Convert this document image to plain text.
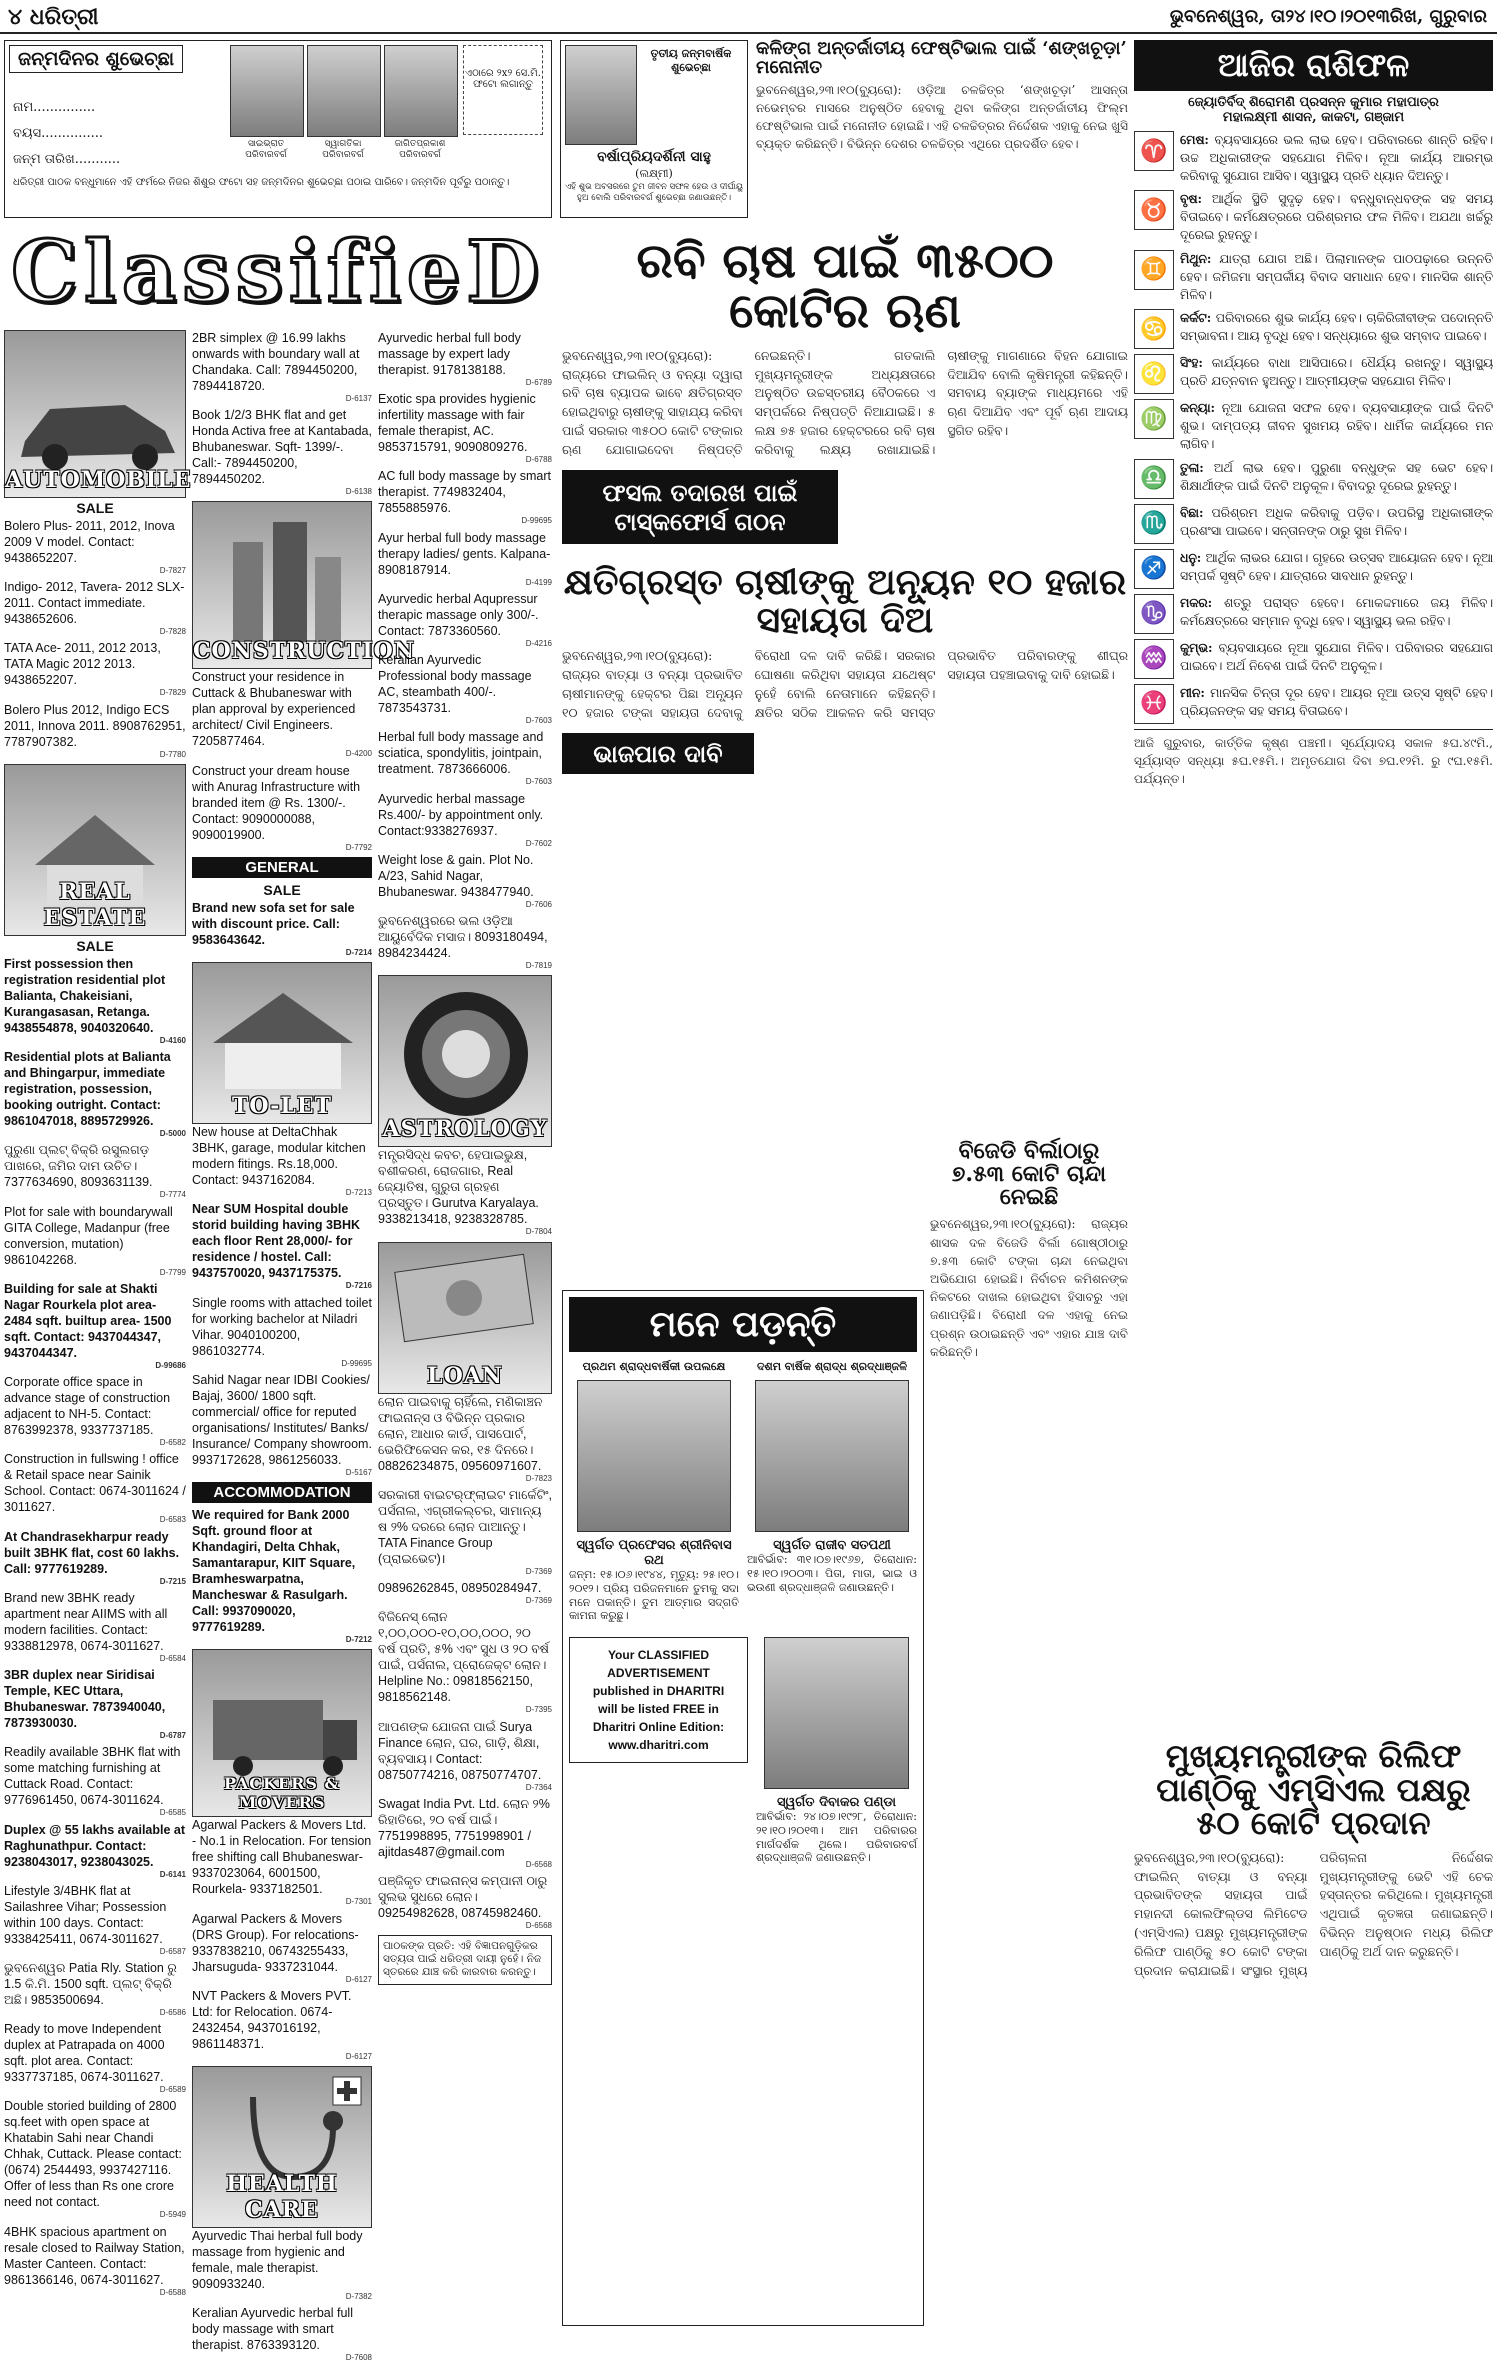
୪ ଧରିତ୍ରୀ	ଭୁବନେଶ୍ୱର, ତା୨୪।୧୦।୨୦୧୩ରିଖ, ଗୁରୁବାର
ଜନ୍ମଦିନର ଶୁଭେଚ୍ଛା
ନାମ...............
ବୟସ...............
ଜନ୍ମ ତାରିଖ...........
ସାଇଭ୍ରାତ ପରିବାରବର୍ଗ
ସ୍ୱାଗତିକା ପରିବାରବର୍ଗ
ଜାଗିତପ୍ରକାଶ ପରିବାରବର୍ଗ
ଏଠାରେ ୨x୨ ସେ.ମି. ଫଟୋ ଲଗାନ୍ତୁ
ଧରିତ୍ରୀ ପାଠକ ବନ୍ଧୁମାନେ ଏହି ଫର୍ମରେ ନିଜର ଶିଶୁର ଫଟୋ ସହ ଜନ୍ମଦିନର ଶୁଭେଚ୍ଛା ପଠାଇ ପାରିବେ। ଜନ୍ମଦିନ ପୂର୍ବରୁ ପଠାନ୍ତୁ।
ତୃତୀୟ ଜନ୍ମବାର୍ଷିକ ଶୁଭେଚ୍ଛା
ବର୍ଷାପ୍ରିୟଦର୍ଶିନୀ ସାହୁ
(ଲକ୍ଷ୍ମୀ)
ଏହି ଶୁଭ ଅବସରରେ ତୁମ ଜୀବନ ସଫଳ ହେଉ ଓ ଦୀର୍ଘାୟୁ ହୁଅ ବୋଲି ପରିବାରବର୍ଗ ଶୁଭେଚ୍ଛା ଜଣାଉଛନ୍ତି।
କଳିଙ୍ଗ ଅନ୍ତର୍ଜାତୀୟ ଫେଷ୍ଟିଭାଲ ପାଇଁ ‘ଶଙ୍ଖଚୂଡ଼ା’ ମନୋନୀତ
ଭୁବନେଶ୍ୱର,୨୩।୧୦(ବ୍ୟୁରୋ): ଓଡ଼ିଆ ଚଳଚ୍ଚିତ୍ର ‘ଶଙ୍ଖଚୂଡ଼ା’ ଆସନ୍ତା ନଭେମ୍ବର ମାସରେ ଅନୁଷ୍ଠିତ ହେବାକୁ ଥିବା କଳିଙ୍ଗ ଅନ୍ତର୍ଜାତୀୟ ଫିଲ୍ମ ଫେଷ୍ଟିଭାଲ ପାଇଁ ମନୋନୀତ ହୋଇଛି। ଏହି ଚଳଚ୍ଚିତ୍ରର ନିର୍ଦ୍ଦେଶକ ଏହାକୁ ନେଇ ଖୁସି ବ୍ୟକ୍ତ କରିଛନ୍ତି। ବିଭିନ୍ନ ଦେଶର ଚଳଚ୍ଚିତ୍ର ଏଥିରେ ପ୍ରଦର୍ଶିତ ହେବ।
ClassifieD
AUTOMOBILE
SALE
Bolero Plus- 2011, 2012, Inova 2009 V model. Contact: 9438652207.
D-7827
Indigo- 2012, Tavera- 2012 SLX- 2011. Contact immediate. 9438652606.
D-7828
TATA Ace- 2011, 2012 2013, TATA Magic 2012 2013. 9438652207.
D-7829
Bolero Plus 2012, Indigo ECS 2011, Innova 2011. 8908762951, 7787907382.
D-7780
REAL ESTATE
SALE
First possession then registration residential plot Balianta, Chakeisiani, Kurangasasan, Retanga. 9438554878, 9040320640.
D-4160
Residential plots at Balianta and Bhingarpur, immediate registration, possession, booking outright. Contact: 9861047018, 8895729926.
D-5000
ପୁରୁଣା ପ୍ଲଟ୍ ବିକ୍ରି ରସୁଲଗଡ଼ ପାଖରେ, ଜମିର ଦାମ ଉଚିତ। 7377634690, 8093631139.
D-7774
Plot for sale with boundarywall GITA College, Madanpur (free conversion, mutation) 9861042268.
D-7799
Building for sale at Shakti Nagar Rourkela plot area- 2484 sqft. builtup area- 1500 sqft. Contact: 9437044347, 9437044347.
D-99686
Corporate office space in advance stage of construction adjacent to NH-5. Contact: 8763992378, 9337737185.
D-6582
Construction in fullswing ! office & Retail space near Sainik School. Contact: 0674-3011624 / 3011627.
D-6583
At Chandrasekharpur ready built 3BHK flat, cost 60 lakhs. Call: 9777619289.
D-7215
Brand new 3BHK ready apartment near AIIMS with all modern facilities. Contact: 9338812978, 0674-3011627.
D-6584
3BR duplex near Siridisai Temple, KEC Uttara, Bhubaneswar. 7873940040, 7873930030.
D-6787
Readily available 3BHK flat with some matching furnishing at Cuttack Road. Contact: 9776961450, 0674-3011624.
D-6585
Duplex @ 55 lakhs available at Raghunathpur. Contact: 9238043017, 9238043025.
D-6141
Lifestyle 3/4BHK flat at Sailashree Vihar; Possession within 100 days. Contact: 9338425411, 0674-3011627.
D-6587
ଭୁବନେଶ୍ୱର Patia Rly. Station ରୁ 1.5 କି.ମି. 1500 sqft. ପ୍ଲଟ୍ ବିକ୍ରି ଅଛି। 9853500694.
D-6586
Ready to move Independent duplex at Patrapada on 4000 sqft. plot area. Contact: 9337737185, 0674-3011627.
D-6589
Double storied building of 2800 sq.feet with open space at Khatabin Sahi near Chandi Chhak, Cuttack. Please contact: (0674) 2544493, 9937427116. Offer of less than Rs one crore need not contact.
D-5949
4BHK spacious apartment on resale closed to Railway Station, Master Canteen. Contact: 9861366146, 0674-3011627.
D-6588
2BR simplex @ 16.99 lakhs onwards with boundary wall at Chandaka. Call: 7894450200, 7894418720.
D-6137
Book 1/2/3 BHK flat and get Honda Activa free at Kantabada, Bhubaneswar. Sqft- 1399/-. Call:- 7894450200, 7894450202.
D-6138
CONSTRUCTION
Construct your residence in Cuttack & Bhubaneswar with plan approval by experienced architect/ Civil Engineers. 7205877464.
D-4200
Construct your dream house with Anurag Infrastructure with branded item @ Rs. 1300/-. Contact: 9090000088, 9090019900.
D-7792
GENERAL
SALE
Brand new sofa set for sale with discount price. Call: 9583643642.
D-7214
TO-LET
New house at DeltaChhak 3BHK, garage, modular kitchen modern fitings. Rs.18,000. Contact: 9437162084.
D-7213
Near SUM Hospital double storid building having 3BHK each floor Rent 28,000/- for residence / hostel. Call: 9437570020, 9437175375.
D-7216
Single rooms with attached toilet for working bachelor at Niladri Vihar. 9040100200, 9861032774.
D-99695
Sahid Nagar near IDBI Cookies/ Bajaj, 3600/ 1800 sqft. commercial/ office for reputed organisations/ Institutes/ Banks/ Insurance/ Company showroom. 9937172628, 9861256033.
D-5167
ACCOMMODATION
We required for Bank 2000 Sqft. ground floor at Khandagiri, Delta Chhak, Samantarapur, KIIT Square, Bramheswarpatna, Mancheswar & Rasulgarh. Call: 9937090020, 9777619289.
D-7212
PACKERS & MOVERS
Agarwal Packers & Movers Ltd. - No.1 in Relocation. For tension free shifting call Bhubaneswar- 9337023064, 6001500, Rourkela- 9337182501.
D-7301
Agarwal Packers & Movers (DRS Group). For relocations- 9337838210, 06743255433, Jharsuguda- 9337231044.
D-6127
NVT Packers & Movers PVT. Ltd: for Relocation. 0674-2432454, 9437016192, 9861148371.
D-6127
HEALTH CARE
Ayurvedic Thai herbal full body massage from hygienic and female, male therapist. 9090933240.
D-7382
Keralian Ayurvedic herbal full body massage with smart therapist. 8763393120.
D-7608
Ayurvedic herbal full body massage by expert lady therapist. 9178138188.
D-6789
Exotic spa provides hygienic infertility massage with fair female therapist, AC. 9853715791, 9090809276.
D-6788
AC full body massage by smart therapist. 7749832404, 7855885976.
D-99695
Ayur herbal full body massage therapy ladies/ gents. Kalpana- 8908187914.
D-4199
Ayurvedic herbal Aqupressur therapic massage only 300/-. Contact: 7873360560.
D-4216
Keralian Ayurvedic Professional body massage AC, steambath 400/-. 7873543731.
D-7603
Herbal full body massage and sciatica, spondylitis, jointpain, treatment. 7873666006.
D-7603
Ayurvedic herbal massage Rs.400/- by appointment only. Contact:9338276937.
D-7602
Weight lose & gain. Plot No. A/23, Sahid Nagar, Bhubaneswar. 9438477940.
D-7606
ଭୁବନେଶ୍ୱରରେ ଭଲ ଓଡ଼ିଆ ଆୟୁର୍ବେଦିକ ମସାଜ। 8093180494, 8984234424.
D-7819
ASTROLOGY
ମନ୍ତ୍ରସିଦ୍ଧ କବଚ, ହେପାଇଭୁକ୍ଷ, ବଶୀକରଣ, ରୋଜଗାର, Real ଜ୍ୟୋତିଷ, ଗୁରୁତା ଗ୍ରହଣ ପ୍ରସ୍ତୁତ। Gurutva Karyalaya. 9338213418, 9238328785.
D-7804
LOAN
ଲୋନ ପାଇବାକୁ ଚାହିଁଲେ, ମଣିକାଞ୍ଚନ ଫାଇନାନ୍ସ ଓ ବିଭିନ୍ନ ପ୍ରକାର ଲୋନ, ଆଧାର କାର୍ଡ, ପାସପୋର୍ଟ, ଭେରିଫିକେସନ କର, ୧୫ ଦିନରେ। 08826234875, 09560971607.
D-7823
ସରକାରୀ ବାଇଟର୍‌ଫ୍ଲାଇଟ ମାର୍କେଟିଂ, ପର୍ସନାଲ, ଏଗ୍ରୀକଲ୍ଚର, ସାମାନ୍ୟ ଷ ୨% ଦରରେ ଲୋନ ପାଆନ୍ତୁ। TATA Finance Group (ପ୍ରାଇଭେଟ)।
D-7369
09896262845, 08950284947.
D-7369
ବିଜିନେସ୍ ଲୋନ ୧,୦୦,୦୦୦-୧୦,୦୦,୦୦୦, ୨୦ ବର୍ଷ ପ୍ରତି, ୫% ଏବଂ ସୁଧ ଓ ୨୦ ବର୍ଷ ପାଇଁ, ପର୍ସନାଲ, ପ୍ରୋଜେକ୍ଟ ଲୋନ। Helpline No.: 09818562150, 9818562148.
D-7395
ଆପଣଙ୍କ ଯୋଜନା ପାଇଁ Surya Finance ଲୋନ, ଘର, ଗାଡ଼ି, ଶିକ୍ଷା, ବ୍ୟବସାୟ। Contact: 08750774216, 08750774707.
D-7364
Swagat India Pvt. Ltd. ଲୋନ ୨% ରିହାତିରେ, ୨୦ ବର୍ଷ ପାଇଁ। 7751998895, 7751998901 / ajitdas487@gmail.com
D-6568
ପଞ୍ଜିକୃତ ଫାଇନାନ୍ସ କମ୍ପାନୀ ଠାରୁ ସୁଲଭ ସୁଧରେ ଲୋନ। 09254982628, 08745982460.
D-6568
ପାଠକଙ୍କ ପ୍ରତି: ଏହି ବିଜ୍ଞାପନଗୁଡ଼ିକର ସତ୍ୟତା ପାଇଁ ଧରିତ୍ରୀ ଦାୟୀ ନୁହେଁ। ନିଜ ସ୍ତରରେ ଯାଞ୍ଚ କରି କାରବାର କରନ୍ତୁ।
ରବି ଚାଷ ପାଇଁ ୩୫୦୦ କୋଟିର ଋଣ
ଭୁବନେଶ୍ୱର,୨୩।୧୦(ବ୍ୟୁରୋ): ରାଜ୍ୟରେ ଫାଇଲିନ୍ ଓ ବନ୍ୟା ଦ୍ୱାରା ରବି ଚାଷ ବ୍ୟାପକ ଭାବେ କ୍ଷତିଗ୍ରସ୍ତ ହୋଇଥିବାରୁ ଚାଷୀଙ୍କୁ ସାହାଯ୍ୟ କରିବା ପାଇଁ ସରକାର ୩୫୦୦ କୋଟି ଟଙ୍କାର ଋଣ ଯୋଗାଇଦେବା ନିଷ୍ପତ୍ତି ନେଇଛନ୍ତି। ଗତକାଲି ମୁଖ୍ୟମନ୍ତ୍ରୀଙ୍କ ଅଧ୍ୟକ୍ଷତାରେ ଅନୁଷ୍ଠିତ ଉଚ୍ଚସ୍ତରୀୟ ବୈଠକରେ ଏ ସମ୍ପର୍କରେ ନିଷ୍ପତ୍ତି ନିଆଯାଇଛି। ୫ ଲକ୍ଷ ୭୫ ହଜାର ହେକ୍ଟରରେ ରବି ଚାଷ କରିବାକୁ ଲକ୍ଷ୍ୟ ରଖାଯାଇଛି। ଚାଷୀଙ୍କୁ ମାଗଣାରେ ବିହନ ଯୋଗାଇ ଦିଆଯିବ ବୋଲି କୃଷିମନ୍ତ୍ରୀ କହିଛନ୍ତି। ସମବାୟ ବ୍ୟାଙ୍କ ମାଧ୍ୟମରେ ଏହି ଋଣ ଦିଆଯିବ ଏବଂ ପୂର୍ବ ଋଣ ଆଦାୟ ସ୍ଥଗିତ ରହିବ।
ଫସଲ ତଦାରଖ ପାଇଁ ଟାସ୍କଫୋର୍ସ ଗଠନ
କ୍ଷତିଗ୍ରସ୍ତ ଚାଷୀଙ୍କୁ ଅନ୍ୟୂନ ୧୦ ହଜାର ସହାୟତା ଦିଅ
ଭୁବନେଶ୍ୱର,୨୩।୧୦(ବ୍ୟୁରୋ): ରାଜ୍ୟର ବାତ୍ୟା ଓ ବନ୍ୟା ପ୍ରଭାବିତ ଚାଷୀମାନଙ୍କୁ ହେକ୍ଟର ପିଛା ଅନ୍ୟୂନ ୧୦ ହଜାର ଟଙ୍କା ସହାୟତା ଦେବାକୁ ବିରୋଧୀ ଦଳ ଦାବି କରିଛି। ସରକାର ଘୋଷଣା କରିଥିବା ସହାୟତା ଯଥେଷ୍ଟ ନୁହେଁ ବୋଲି ନେତାମାନେ କହିଛନ୍ତି। କ୍ଷତିର ସଠିକ ଆକଳନ କରି ସମସ୍ତ ପ୍ରଭାବିତ ପରିବାରଙ୍କୁ ଶୀଘ୍ର ସହାୟତା ପହଞ୍ଚାଇବାକୁ ଦାବି ହୋଇଛି।
ଭାଜପାର ଦାବି
ବିଜେଡି ବିର୍ଲାଠାରୁ ୭.୫୩ କୋଟି ଚାନ୍ଦା ନେଇଛି
ଭୁବନେଶ୍ୱର,୨୩।୧୦(ବ୍ୟୁରୋ): ରାଜ୍ୟର ଶାସକ ଦଳ ବିଜେଡି ବିର୍ଲା ଗୋଷ୍ଠୀଠାରୁ ୭.୫୩ କୋଟି ଟଙ୍କା ଚାନ୍ଦା ନେଇଥିବା ଅଭିଯୋଗ ହୋଇଛି। ନିର୍ବାଚନ କମିଶନଙ୍କ ନିକଟରେ ଦାଖଲ ହୋଇଥିବା ହିସାବରୁ ଏହା ଜଣାପଡ଼ିଛି। ବିରୋଧୀ ଦଳ ଏହାକୁ ନେଇ ପ୍ରଶ୍ନ ଉଠାଇଛନ୍ତି ଏବଂ ଏହାର ଯାଞ୍ଚ ଦାବି କରିଛନ୍ତି।
ମନେ ପଡ଼ନ୍ତି
ପ୍ରଥମ ଶ୍ରାଦ୍ଧବାର୍ଷିକୀ ଉପଲକ୍ଷେ
ସ୍ୱର୍ଗତ ପ୍ରଫେସର ଶ୍ରୀନିବାସ ରଥ
ଜନ୍ମ: ୧୫।୦୬।୧୯୪୪, ମୃତ୍ୟୁ: ୨୫।୧୦।୨୦୧୨। ପ୍ରିୟ ପରିଜନମାନେ ତୁମକୁ ସଦା ମନେ ପକାନ୍ତି। ତୁମ ଆତ୍ମାର ସଦ୍‌ଗତି କାମନା କରୁଛୁ।
ଦଶମ ବାର୍ଷିକ ଶ୍ରାଦ୍ଧ ଶ୍ରଦ୍ଧାଞ୍ଜଳି
ସ୍ୱର୍ଗତ ରାଜୀବ ସତପଥୀ
ଆବିର୍ଭାବ: ୩୧।୦୭।୧୯୬୭, ତିରୋଧାନ: ୧୫।୧୦।୨୦୦୩। ପିତା, ମାତା, ଭାଇ ଓ ଭଉଣୀ ଶ୍ରଦ୍ଧାଞ୍ଜଳି ଜଣାଉଛନ୍ତି।
Your CLASSIFIED
ADVERTISEMENT
published in DHARITRI
will be listed FREE in
Dharitri Online Edition:
www.dharitri.com
ସ୍ୱର୍ଗତ ଦିବାକର ପଣ୍ଡା
ଆବିର୍ଭାବ: ୨୪।୦୭।୧୯୨୮, ତିରୋଧାନ: ୨୧।୧୦।୨୦୧୩। ଆମ ପରିବାରର ମାର୍ଗଦର୍ଶକ ଥିଲେ। ପରିବାରବର୍ଗ ଶ୍ରଦ୍ଧାଞ୍ଜଳି ଜଣାଉଛନ୍ତି।
ଆଜିର ରାଶିଫଳ
ଜ୍ୟୋତିର୍ବିଦ୍ ଶିରୋମଣି ପ୍ରସନ୍ନ କୁମାର ମହାପାତ୍ର
ମହାଲକ୍ଷ୍ମୀ ଶାସନ, କାକଟା, ଗଞ୍ଜାମ
♈ ମେଷ: ବ୍ୟବସାୟରେ ଭଲ ଲାଭ ହେବ। ପରିବାରରେ ଶାନ୍ତି ରହିବ। ଉଚ୍ଚ ଅଧିକାରୀଙ୍କ ସହଯୋଗ ମିଳିବ। ନୂଆ କାର୍ଯ୍ୟ ଆରମ୍ଭ କରିବାକୁ ସୁଯୋଗ ଆସିବ। ସ୍ୱାସ୍ଥ୍ୟ ପ୍ରତି ଧ୍ୟାନ ଦିଅନ୍ତୁ।
♉ ବୃଷ: ଆର୍ଥିକ ସ୍ଥିତି ସୁଦୃଢ଼ ହେବ। ବନ୍ଧୁବାନ୍ଧବଙ୍କ ସହ ସମୟ ବିତାଇବେ। କର୍ମକ୍ଷେତ୍ରରେ ପରିଶ୍ରମର ଫଳ ମିଳିବ। ଅଯଥା ଖର୍ଚ୍ଚରୁ ଦୂରେଇ ରୁହନ୍ତୁ।
♊ ମିଥୁନ: ଯାତ୍ରା ଯୋଗ ଅଛି। ପିଲାମାନଙ୍କ ପାଠପଢ଼ାରେ ଉନ୍ନତି ହେବ। ଜମିଜମା ସମ୍ପର୍କୀୟ ବିବାଦ ସମାଧାନ ହେବ। ମାନସିକ ଶାନ୍ତି ମିଳିବ।
♋ କର୍କଟ: ପରିବାରରେ ଶୁଭ କାର୍ଯ୍ୟ ହେବ। ଚାକିରିଜୀବୀଙ୍କ ପଦୋନ୍ନତି ସମ୍ଭାବନା। ଆୟ ବୃଦ୍ଧି ହେବ। ସନ୍ଧ୍ୟାରେ ଶୁଭ ସମ୍ବାଦ ପାଇବେ।
♌ ସିଂହ: କାର୍ଯ୍ୟରେ ବାଧା ଆସିପାରେ। ଧୈର୍ଯ୍ୟ ରଖନ୍ତୁ। ସ୍ୱାସ୍ଥ୍ୟ ପ୍ରତି ଯତ୍ନବାନ ହୁଅନ୍ତୁ। ଆତ୍ମୀୟଙ୍କ ସହଯୋଗ ମିଳିବ।
♍ କନ୍ୟା: ନୂଆ ଯୋଜନା ସଫଳ ହେବ। ବ୍ୟବସାୟୀଙ୍କ ପାଇଁ ଦିନଟି ଶୁଭ। ଦାମ୍ପତ୍ୟ ଜୀବନ ସୁଖମୟ ରହିବ। ଧାର୍ମିକ କାର୍ଯ୍ୟରେ ମନ ଲାଗିବ।
♎ ତୁଳା: ଅର୍ଥ ଲାଭ ହେବ। ପୁରୁଣା ବନ୍ଧୁଙ୍କ ସହ ଭେଟ ହେବ। ଶିକ୍ଷାର୍ଥୀଙ୍କ ପାଇଁ ଦିନଟି ଅନୁକୂଳ। ବିବାଦରୁ ଦୂରେଇ ରୁହନ୍ତୁ।
♏ ବିଛା: ପରିଶ୍ରମ ଅଧିକ କରିବାକୁ ପଡ଼ିବ। ଉପରିସ୍ଥ ଅଧିକାରୀଙ୍କ ପ୍ରଶଂସା ପାଇବେ। ସନ୍ତାନଙ୍କ ଠାରୁ ସୁଖ ମିଳିବ।
♐ ଧନୁ: ଆର୍ଥିକ ଲାଭର ଯୋଗ। ଗୃହରେ ଉତ୍ସବ ଆୟୋଜନ ହେବ। ନୂଆ ସମ୍ପର୍କ ସୃଷ୍ଟି ହେବ। ଯାତ୍ରାରେ ସାବଧାନ ରୁହନ୍ତୁ।
♑ ମକର: ଶତ୍ରୁ ପରାସ୍ତ ହେବେ। ମୋକଦ୍ଦମାରେ ଜୟ ମିଳିବ। କର୍ମକ୍ଷେତ୍ରରେ ସମ୍ମାନ ବୃଦ୍ଧି ହେବ। ସ୍ୱାସ୍ଥ୍ୟ ଭଲ ରହିବ।
♒ କୁମ୍ଭ: ବ୍ୟବସାୟରେ ନୂଆ ସୁଯୋଗ ମିଳିବ। ପରିବାରର ସହଯୋଗ ପାଇବେ। ଅର୍ଥ ନିବେଶ ପାଇଁ ଦିନଟି ଅନୁକୂଳ।
♓ ମୀନ: ମାନସିକ ଚିନ୍ତା ଦୂର ହେବ। ଆୟର ନୂଆ ଉତ୍ସ ସୃଷ୍ଟି ହେବ। ପ୍ରିୟଜନଙ୍କ ସହ ସମୟ ବିତାଇବେ।
ଆଜି ଗୁରୁବାର, କାର୍ତ୍ତିକ କୃଷ୍ଣ ପଞ୍ଚମୀ। ସୂର୍ଯ୍ୟୋଦୟ ସକାଳ ୫ଘ.୪୯ମି., ସୂର୍ଯ୍ୟାସ୍ତ ସନ୍ଧ୍ୟା ୫ଘ.୧୫ମି.। ଅମୃତଯୋଗ ଦିବା ୭ଘ.୧୨ମି. ରୁ ୯ଘ.୧୫ମି. ପର୍ଯ୍ୟନ୍ତ।
ମୁଖ୍ୟମନ୍ତ୍ରୀଙ୍କ ରିଲିଫ ପାଣ୍ଠିକୁ ଏମ୍‌ସିଏଲ ପକ୍ଷରୁ ୫୦ କୋଟି ପ୍ରଦାନ
ଭୁବନେଶ୍ୱର,୨୩।୧୦(ବ୍ୟୁରୋ): ଫାଇଲିନ୍ ବାତ୍ୟା ଓ ବନ୍ୟା ପ୍ରଭାବିତଙ୍କ ସହାୟତା ପାଇଁ ମହାନଦୀ କୋଲଫିଲ୍ଡସ ଲିମିଟେଡ (ଏମ୍‌ସିଏଲ) ପକ୍ଷରୁ ମୁଖ୍ୟମନ୍ତ୍ରୀଙ୍କ ରିଲିଫ ପାଣ୍ଠିକୁ ୫୦ କୋଟି ଟଙ୍କା ପ୍ରଦାନ କରାଯାଇଛି। ସଂସ୍ଥାର ମୁଖ୍ୟ ପରିଚାଳନା ନିର୍ଦ୍ଦେଶକ ମୁଖ୍ୟମନ୍ତ୍ରୀଙ୍କୁ ଭେଟି ଏହି ଚେକ ହସ୍ତାନ୍ତର କରିଥିଲେ। ମୁଖ୍ୟମନ୍ତ୍ରୀ ଏଥିପାଇଁ କୃତଜ୍ଞତା ଜଣାଇଛନ୍ତି। ବିଭିନ୍ନ ଅନୁଷ୍ଠାନ ମଧ୍ୟ ରିଲିଫ ପାଣ୍ଠିକୁ ଅର୍ଥ ଦାନ କରୁଛନ୍ତି।
